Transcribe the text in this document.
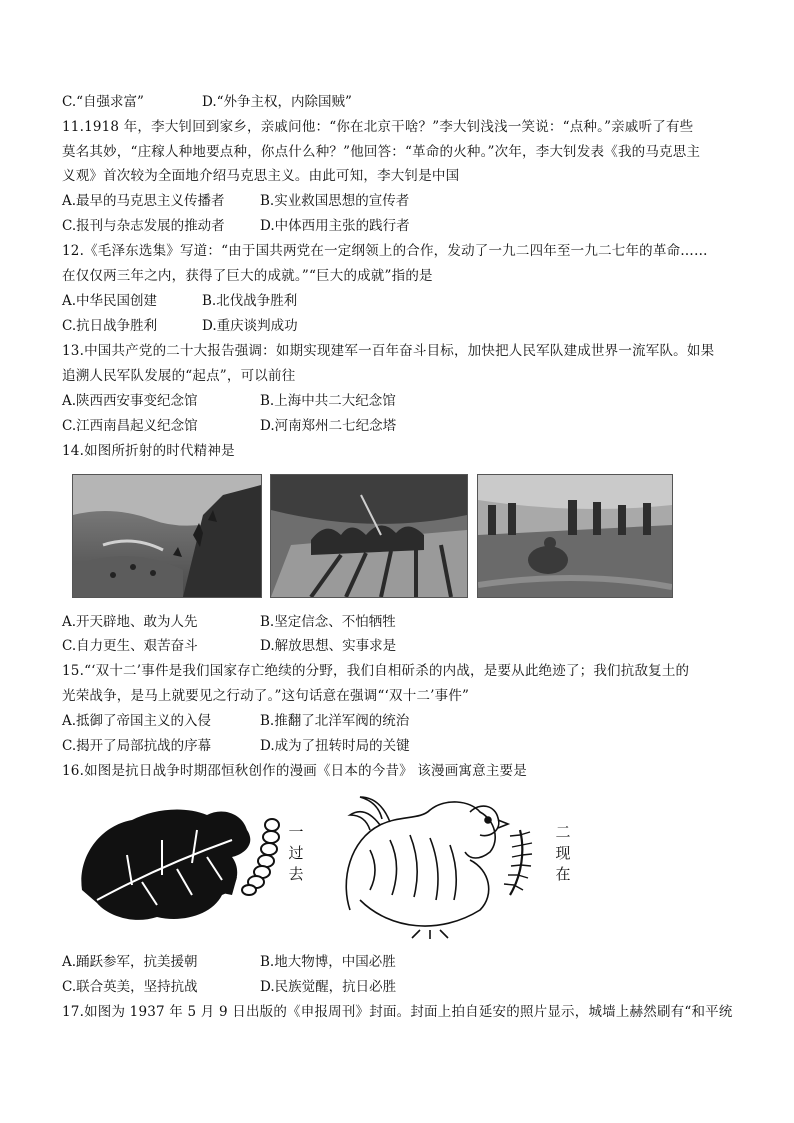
C.“自强求富”	D.“外争主权，内除国贼”
11.1918 年，李大钊回到家乡，亲戚问他：“你在北京干啥？”李大钊浅浅一笑说：“点种。”亲戚听了有些
莫名其妙，“庄稼人种地要点种，你点什么种？”他回答：“革命的火种。”次年，李大钊发表《我的马克思主
义观》首次较为全面地介绍马克思主义。由此可知，李大钊是中国
A.最早的马克思主义传播者	B.实业救国思想的宣传者
C.报刊与杂志发展的推动者	D.中体西用主张的践行者
12.《毛泽东选集》写道：“由于国共两党在一定纲领上的合作，发动了一九二四年至一九二七年的革命……
在仅仅两三年之内，获得了巨大的成就。”“巨大的成就”指的是
A.中华民国创建	B.北伐战争胜利
C.抗日战争胜利	D.重庆谈判成功
13.中国共产党的二十大报告强调：如期实现建军一百年奋斗目标，加快把人民军队建成世界一流军队。如果
追溯人民军队发展的“起点”，可以前往
A.陕西西安事变纪念馆	B.上海中共二大纪念馆
C.江西南昌起义纪念馆	D.河南郑州二七纪念塔
14.如图所折射的时代精神是
A.开天辟地、敢为人先	B.坚定信念、不怕牺牲
C.自力更生、艰苦奋斗	D.解放思想、实事求是
15.“‘双十二’事件是我们国家存亡绝续的分野，我们自相斫杀的内战，是要从此绝迹了；我们抗敌复土的
光荣战争，是马上就要见之行动了。”这句话意在强调“‘双十二’事件”
A.抵御了帝国主义的入侵	B.推翻了北洋军阀的统治
C.揭开了局部抗战的序幕	D.成为了扭转时局的关键
16.如图是抗日战争时期邵恒秋创作的漫画《日本的今昔》 该漫画寓意主要是
一过去
二现在
A.踊跃参军，抗美援朝	B.地大物博，中国必胜
C.联合英美，坚持抗战	D.民族觉醒，抗日必胜
17.如图为 1937 年 5 月 9 日出版的《申报周刊》封面。封面上拍自延安的照片显示，城墙上赫然刷有“和平统
